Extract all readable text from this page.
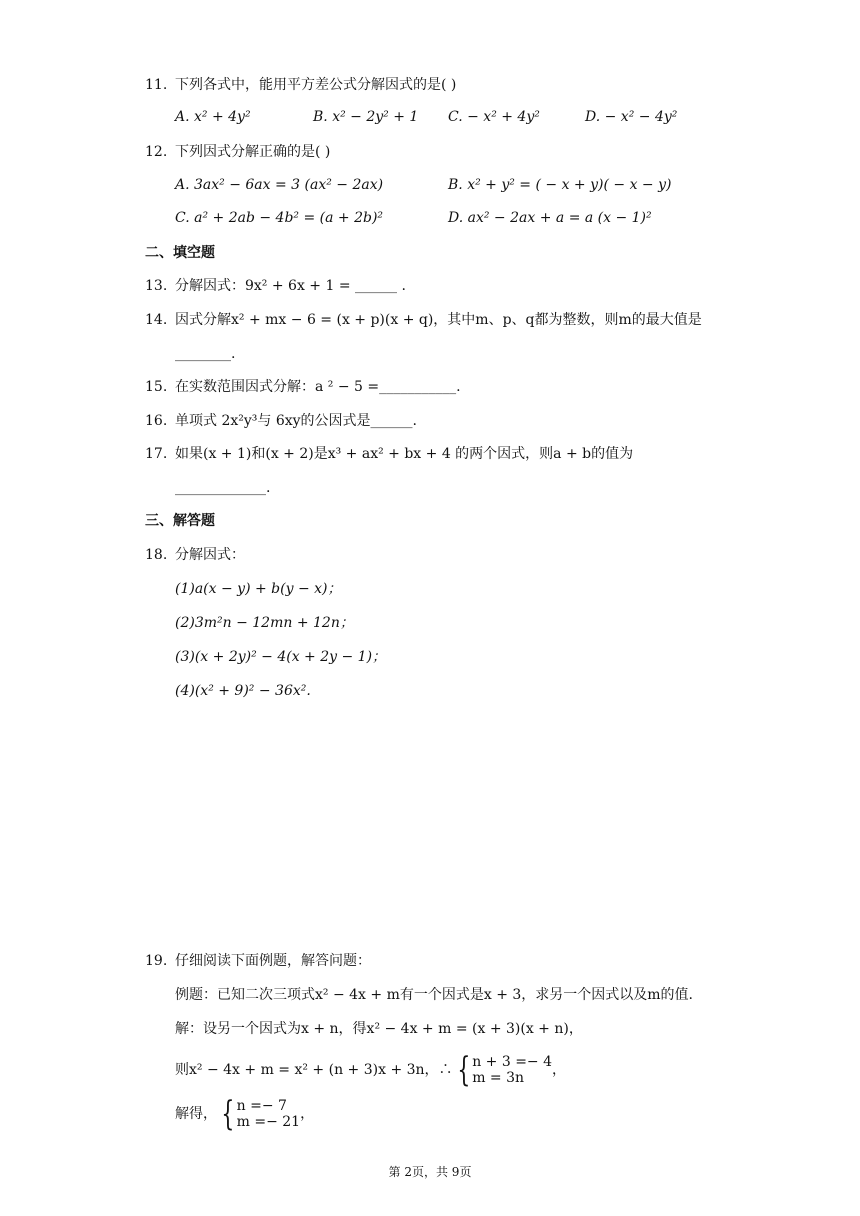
11. 下列各式中，能用平方差公式分解因式的是( )
A. x² + 4y²	B. x² − 2y² + 1 C. − x² + 4y²	D. − x² − 4y²
12. 下列因式分解正确的是( )
A. 3ax² − 6ax = 3 (ax² − 2ax)	B. x² + y² = ( − x + y)( − x − y)
C. a² + 2ab − 4b² = (a + 2b)²	D. ax² − 2ax + a = a (x − 1)²
二、填空题
13. 分解因式：9x² + 6x + 1 = ______ .
14. 因式分解x² + mx − 6 = (x + p)(x + q)，其中m、p、q都为整数，则m的最大值是
________.
15. 在实数范围因式分解：a ² − 5 =___________.
16. 单项式 2x²y³与 6xy的公因式是______.
17. 如果(x + 1)和(x + 2)是x³ + ax² + bx + 4 的两个因式，则a + b的值为
_____________.
三、解答题
18. 分解因式：
(1)a(x − y) + b(y − x)；
(2)3m²n − 12mn + 12n；
(3)(x + 2y)² − 4(x + 2y − 1)；
(4)(x² + 9)² − 36x².
19. 仔细阅读下面例题，解答问题：
例题：已知二次三项式x² − 4x + m有一个因式是x + 3，求另一个因式以及m的值.
解：设另一个因式为x + n，得x² − 4x + m = (x + 3)(x + n)，
则x² − 4x + m = x² + (n + 3)x + 3n，∴ { n + 3 =− 4
m = 3n	，
解得， { n =− 7
m =− 21 ，
第 2页，共 9页
